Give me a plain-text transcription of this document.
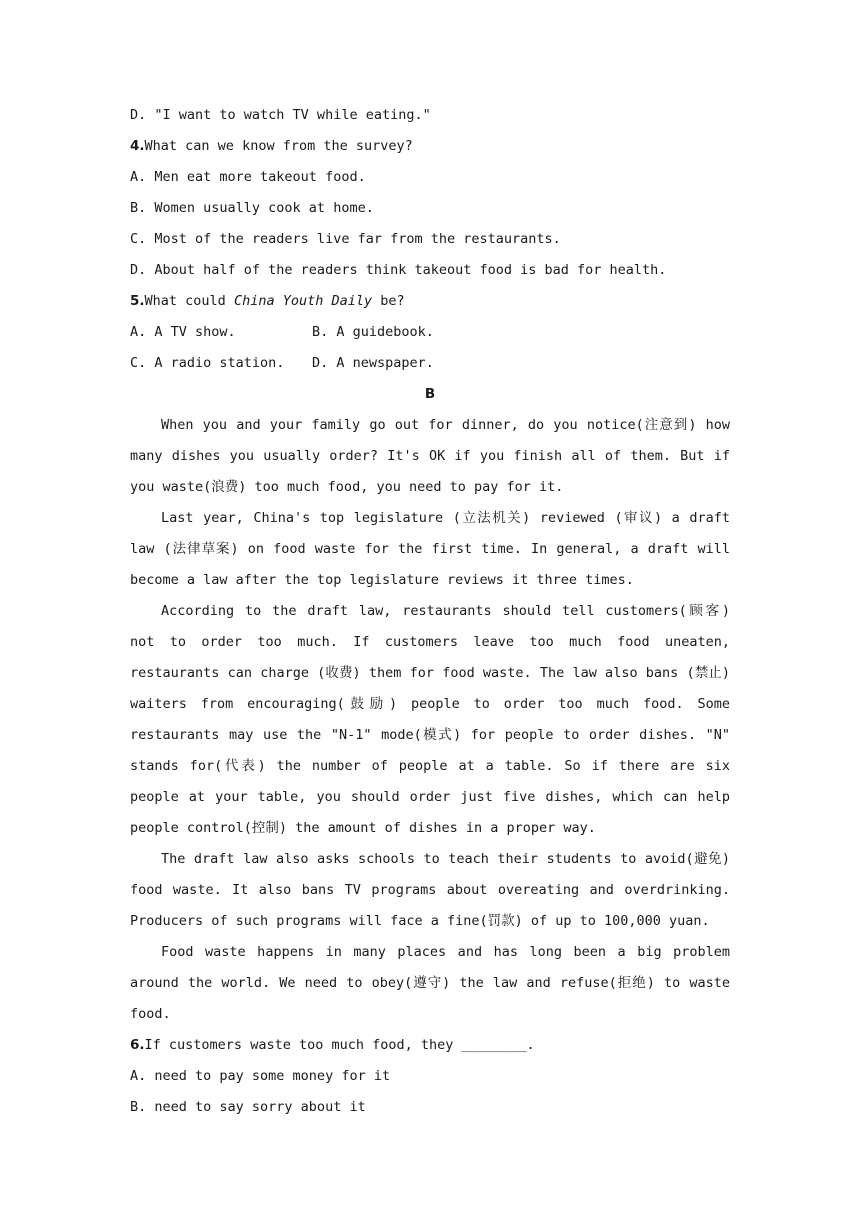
D. "I want to watch TV while eating."

4.What can we know from the survey?

A. Men eat more takeout food.

B. Women usually cook at home.

C. Most of the readers live far from the restaurants.

D. About half of the readers think takeout food is bad for health.

5.What could China Youth Daily be?

A. A TV show.	B. A guidebook.
C. A radio station.	D. A newspaper.

B

When you and your family go out for dinner, do you notice(注意到) how many dishes you usually order? It's OK if you finish all of them. But if you waste(浪费) too much food, you need to pay for it.

Last year, China's top legislature (立法机关) reviewed (审议) a draft law (法律草案) on food waste for the first time. In general, a draft will become a law after the top legislature reviews it three times.

According to the draft law, restaurants should tell customers(顾客) not to order too much. If customers leave too much food uneaten, restaurants can charge (收费) them for food waste. The law also bans (禁止) waiters from encouraging(鼓励) people to order too much food. Some restaurants may use the "N-1" mode(模式) for people to order dishes. "N" stands for(代表) the number of people at a table. So if there are six people at your table, you should order just five dishes, which can help people control(控制) the amount of dishes in a proper way.

The draft law also asks schools to teach their students to avoid(避免) food waste. It also bans TV programs about overeating and overdrinking. Producers of such programs will face a fine(罚款) of up to 100,000 yuan.

Food waste happens in many places and has long been a big problem around the world. We need to obey(遵守) the law and refuse(拒绝) to waste food.

6.If customers waste too much food, they ________.

A. need to pay some money for it

B. need to say sorry about it
